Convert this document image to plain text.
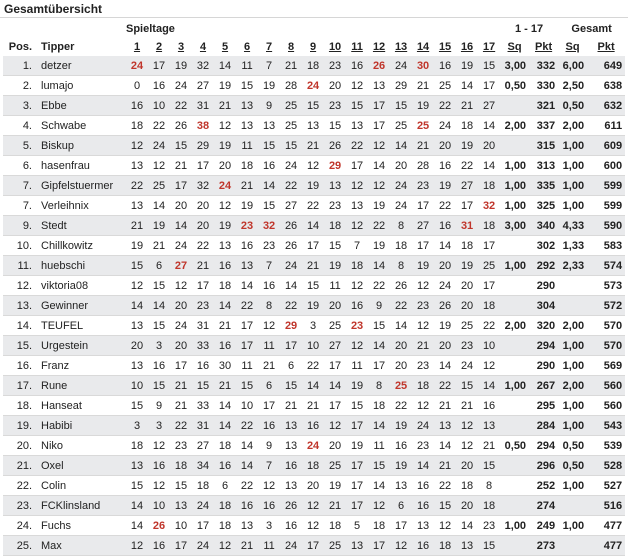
Gesamtübersicht
		Spieltage																	1 - 17		Gesamt	
Pos.	Tipper	1	2	3	4	5	6	7	8	9	10	11	12	13	14	15	16	17	Sq	Pkt	Sq	Pkt
1.	detzer	24	17	19	32	14	11	7	21	18	23	16	26	24	30	16	19	15	3,00	332	6,00	649
2.	lumajo	0	16	24	27	19	15	19	28	24	20	12	13	29	21	25	14	17	0,50	330	2,50	638
3.	Ebbe	16	10	22	31	21	13	9	25	15	23	15	17	15	19	22	21	27		321	0,50	632
4.	Schwabe	18	22	26	38	12	13	13	25	13	15	13	17	25	25	24	18	14	2,00	337	2,00	611
5.	Biskup	12	24	15	29	19	11	15	15	21	26	22	12	14	21	20	19	20		315	1,00	609
6.	hasenfrau	13	12	21	17	20	18	16	24	12	29	17	14	20	28	16	22	14	1,00	313	1,00	600
7.	Gipfelstuermer	22	25	17	32	24	21	14	22	19	13	12	12	24	23	19	27	18	1,00	335	1,00	599
7.	Verleihnix	13	14	20	20	12	19	15	27	22	23	13	19	24	17	22	17	32	1,00	325	1,00	599
9.	Stedt	21	19	14	20	19	23	32	26	14	18	12	22	8	27	16	31	18	3,00	340	4,33	590
10.	Chillkowitz	19	21	24	22	13	16	23	26	17	15	7	19	18	17	14	18	17		302	1,33	583
11.	huebschi	15	6	27	21	16	13	7	24	21	19	18	14	8	19	20	19	25	1,00	292	2,33	574
12.	viktoria08	12	15	12	17	18	14	16	14	15	11	12	22	26	12	24	20	17		290		573
13.	Gewinner	14	14	20	23	14	22	8	22	19	20	16	9	22	23	26	20	18		304		572
14.	TEUFEL	13	15	24	31	21	17	12	29	3	25	23	15	14	12	19	25	22	2,00	320	2,00	570
15.	Urgestein	20	3	20	33	16	17	11	17	10	27	12	14	20	21	20	23	10		294	1,00	570
16.	Franz	13	16	17	16	30	11	21	6	22	17	11	17	20	23	14	24	12		290	1,00	569
17.	Rune	10	15	21	15	21	15	6	15	14	14	19	8	25	18	22	15	14	1,00	267	2,00	560
18.	Hanseat	15	9	21	33	14	10	17	21	21	17	15	18	22	12	21	21	16		295	1,00	560
19.	Habibi	3	3	22	31	14	22	16	13	16	12	17	14	19	24	13	12	13		284	1,00	543
20.	Niko	18	12	23	27	18	14	9	13	24	20	19	11	16	23	14	12	21	0,50	294	0,50	539
21.	Oxel	13	16	18	34	16	14	7	16	18	25	17	15	19	14	21	20	15		296	0,50	528
22.	Colin	15	12	15	18	6	22	12	13	20	19	17	14	13	16	22	18	8		252	1,00	527
23.	FCKlinsland	14	10	13	24	18	16	16	26	12	21	17	12	6	16	15	20	18		274		516
24.	Fuchs	14	26	10	17	18	13	3	16	12	18	5	18	17	13	12	14	23	1,00	249	1,00	477
25.	Max	12	16	17	24	12	21	11	24	17	25	13	17	12	16	18	13	15		273		477
